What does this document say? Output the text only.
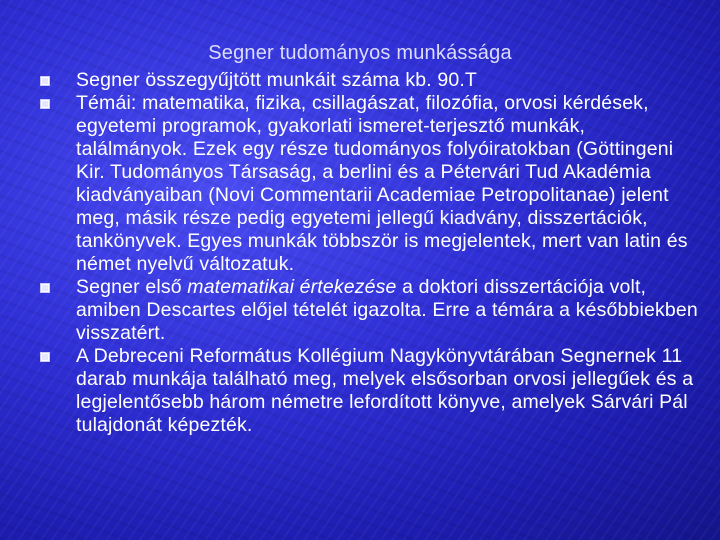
Segner tudományos munkássága
Segner összegyűjtött munkáit száma kb. 90.T
Témái: matematika, fizika, csillagászat, filozófia, orvosi kérdések, egyetemi programok, gyakorlati ismeret-terjesztő munkák, találmányok. Ezek egy része tudományos folyóiratokban (Göttingeni Kir. Tudományos Társaság, a berlini és a Pétervári Tud Akadémia kiadványaiban (Novi Commentarii Academiae Petropolitanae) jelent meg, másik része pedig egyetemi jellegű kiadvány, disszertációk, tankönyvek. Egyes munkák többször is megjelentek, mert van latin és német nyelvű változatuk.
Segner első matematikai értekezése a doktori disszertációja volt, amiben Descartes előjel tételét igazolta. Erre a témára a későbbiekben visszatért.
A Debreceni Református Kollégium Nagykönyvtárában Segnernek 11 darab munkája található meg, melyek elsősorban orvosi jellegűek és a legjelentősebb három németre lefordított könyve, amelyek Sárvári Pál tulajdonát képezték.
